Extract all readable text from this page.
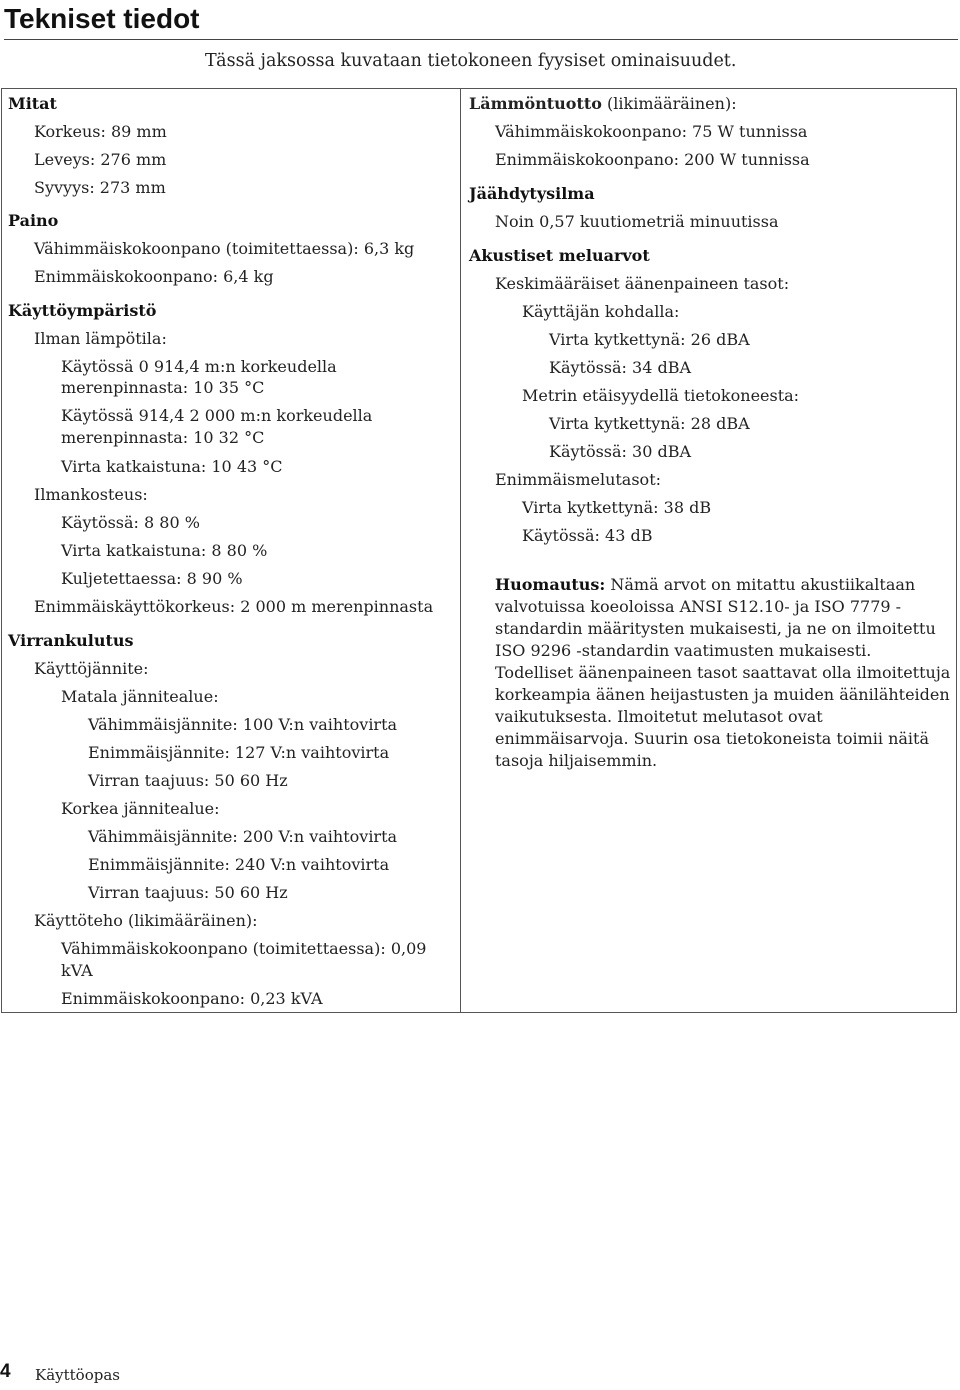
Tekniset tiedot
Tässä jaksossa kuvataan tietokoneen fyysiset ominaisuudet.
Mitat
Korkeus: 89 mm
Leveys: 276 mm
Syvyys: 273 mm
Paino
Vähimmäiskokoonpano (toimitettaessa): 6,3 kg
Enimmäiskokoonpano: 6,4 kg
Käyttöympäristö
Ilman lämpötila:
Käytössä 0 914,4 m:n korkeudella
merenpinnasta: 10 35 °C
Käytössä 914,4 2 000 m:n korkeudella
merenpinnasta: 10 32 °C
Virta katkaistuna: 10 43 °C
Ilmankosteus:
Käytössä: 8 80 %
Virta katkaistuna: 8 80 %
Kuljetettaessa: 8 90 %
Enimmäiskäyttökorkeus: 2 000 m merenpinnasta
Virrankulutus
Käyttöjännite:
Matala jännitealue:
Vähimmäisjännite: 100 V:n vaihtovirta
Enimmäisjännite: 127 V:n vaihtovirta
Virran taajuus: 50 60 Hz
Korkea jännitealue:
Vähimmäisjännite: 200 V:n vaihtovirta
Enimmäisjännite: 240 V:n vaihtovirta
Virran taajuus: 50 60 Hz
Käyttöteho (likimääräinen):
Vähimmäiskokoonpano (toimitettaessa): 0,09
kVA
Enimmäiskokoonpano: 0,23 kVA
Lämmöntuotto (likimääräinen):
Vähimmäiskokoonpano: 75 W tunnissa
Enimmäiskokoonpano: 200 W tunnissa
Jäähdytysilma
Noin 0,57 kuutiometriä minuutissa
Akustiset meluarvot
Keskimääräiset äänenpaineen tasot:
Käyttäjän kohdalla:
Virta kytkettynä: 26 dBA
Käytössä: 34 dBA
Metrin etäisyydellä tietokoneesta:
Virta kytkettynä: 28 dBA
Käytössä: 30 dBA
Enimmäismelutasot:
Virta kytkettynä: 38 dB
Käytössä: 43 dB
Huomautus: Nämä arvot on mitattu akustiikaltaan valvotuissa koeoloissa ANSI S12.10- ja ISO 7779 -standardin määritysten mukaisesti, ja ne on ilmoitettu ISO 9296 -standardin vaatimusten mukaisesti. Todelliset äänenpaineen tasot saattavat olla ilmoitettuja korkeampia äänen heijastusten ja muiden äänilähteiden vaikutuksesta. Ilmoitetut melutasot ovat enimmäisarvoja. Suurin osa tietokoneista toimii näitä tasoja hiljaisemmin.
4 Käyttöopas
